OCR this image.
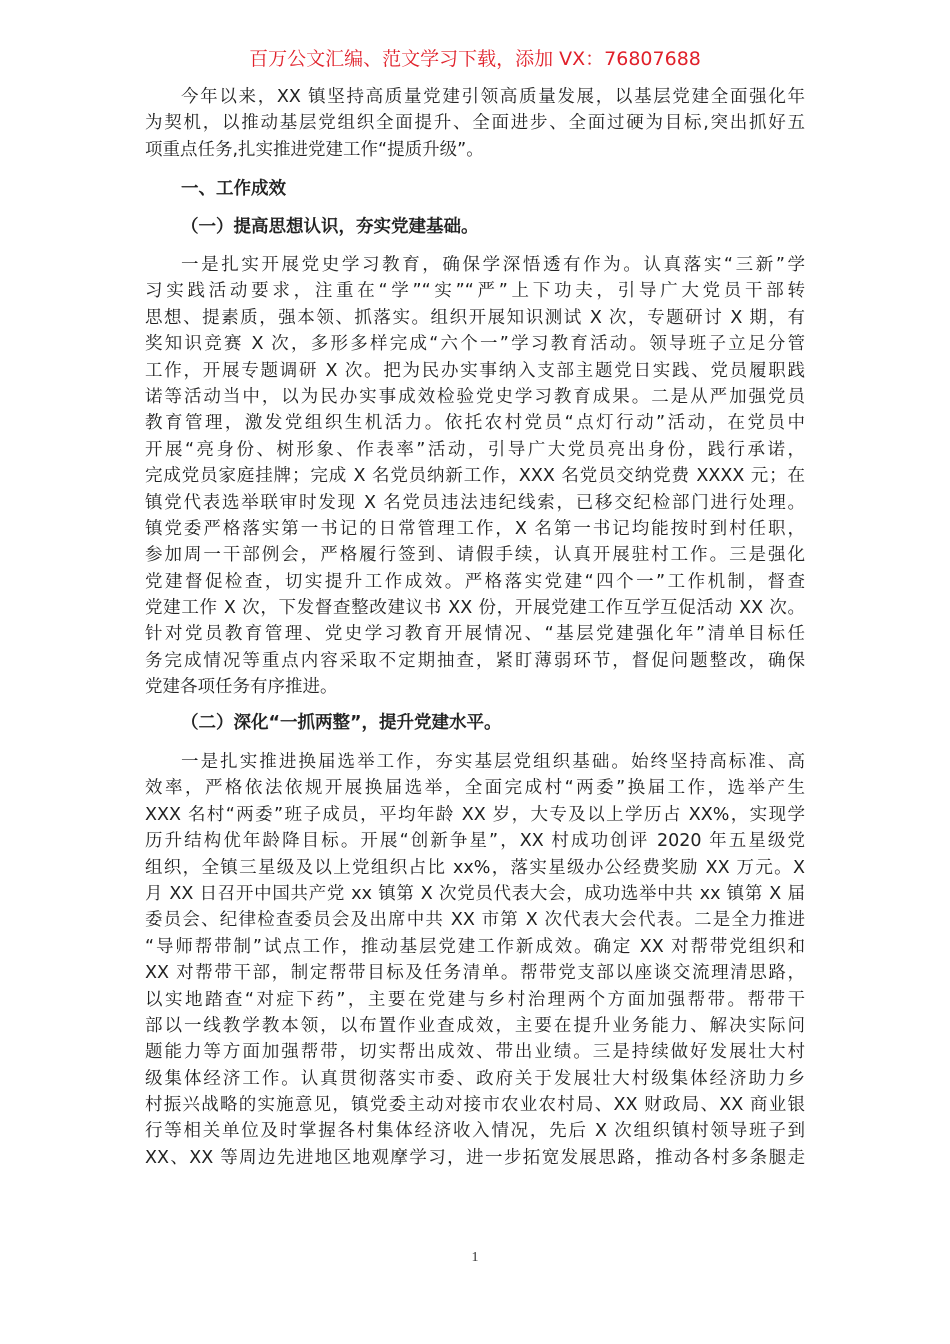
百万公文汇编、范文学习下载，添加 VX：76807688
今年以来，XX 镇坚持高质量党建引领高质量发展，以基层党建全面强化年
为契机，以推动基层党组织全面提升、全面进步、全面过硬为目标,突出抓好五
项重点任务,扎实推进党建工作“提质升级”。
一、工作成效
（一）提高思想认识，夯实党建基础。
一是扎实开展党史学习教育，确保学深悟透有作为。认真落实“三新”学
习实践活动要求，注重在“学”“实”“严”上下功夫，引导广大党员干部转
思想、提素质，强本领、抓落实。组织开展知识测试 X 次，专题研讨 X 期，有
奖知识竞赛 X 次，多形多样完成“六个一”学习教育活动。领导班子立足分管
工作，开展专题调研 X 次。把为民办实事纳入支部主题党日实践、党员履职践
诺等活动当中，以为民办实事成效检验党史学习教育成果。二是从严加强党员
教育管理，激发党组织生机活力。依托农村党员“点灯行动”活动，在党员中
开展“亮身份、树形象、作表率”活动，引导广大党员亮出身份，践行承诺，
完成党员家庭挂牌；完成 X 名党员纳新工作，XXX 名党员交纳党费 XXXX 元；在
镇党代表选举联审时发现 X 名党员违法违纪线索，已移交纪检部门进行处理。
镇党委严格落实第一书记的日常管理工作，X 名第一书记均能按时到村任职，
参加周一干部例会，严格履行签到、请假手续，认真开展驻村工作。三是强化
党建督促检查，切实提升工作成效。严格落实党建“四个一”工作机制，督查
党建工作 X 次，下发督查整改建议书 XX 份，开展党建工作互学互促活动 XX 次。
针对党员教育管理、党史学习教育开展情况、“基层党建强化年”清单目标任
务完成情况等重点内容采取不定期抽查，紧盯薄弱环节，督促问题整改，确保
党建各项任务有序推进。
（二）深化“一抓两整”，提升党建水平。
一是扎实推进换届选举工作，夯实基层党组织基础。始终坚持高标准、高
效率，严格依法依规开展换届选举，全面完成村“两委”换届工作，选举产生
XXX 名村“两委”班子成员，平均年龄 XX 岁，大专及以上学历占 XX%，实现学
历升结构优年龄降目标。开展“创新争星”，XX 村成功创评 2020 年五星级党
组织，全镇三星级及以上党组织占比 xx%，落实星级办公经费奖励 XX 万元。X
月 XX 日召开中国共产党 xx 镇第 X 次党员代表大会，成功选举中共 xx 镇第 X 届
委员会、纪律检查委员会及出席中共 XX 市第 X 次代表大会代表。二是全力推进
“导师帮带制”试点工作，推动基层党建工作新成效。确定 XX 对帮带党组织和
XX 对帮带干部，制定帮带目标及任务清单。帮带党支部以座谈交流理清思路，
以实地踏查“对症下药”，主要在党建与乡村治理两个方面加强帮带。帮带干
部以一线教学教本领，以布置作业查成效，主要在提升业务能力、解决实际问
题能力等方面加强帮带，切实帮出成效、带出业绩。三是持续做好发展壮大村
级集体经济工作。认真贯彻落实市委、政府关于发展壮大村级集体经济助力乡
村振兴战略的实施意见，镇党委主动对接市农业农村局、XX 财政局、XX 商业银
行等相关单位及时掌握各村集体经济收入情况，先后 X 次组织镇村领导班子到
XX、XX 等周边先进地区地观摩学习，进一步拓宽发展思路，推动各村多条腿走
1
